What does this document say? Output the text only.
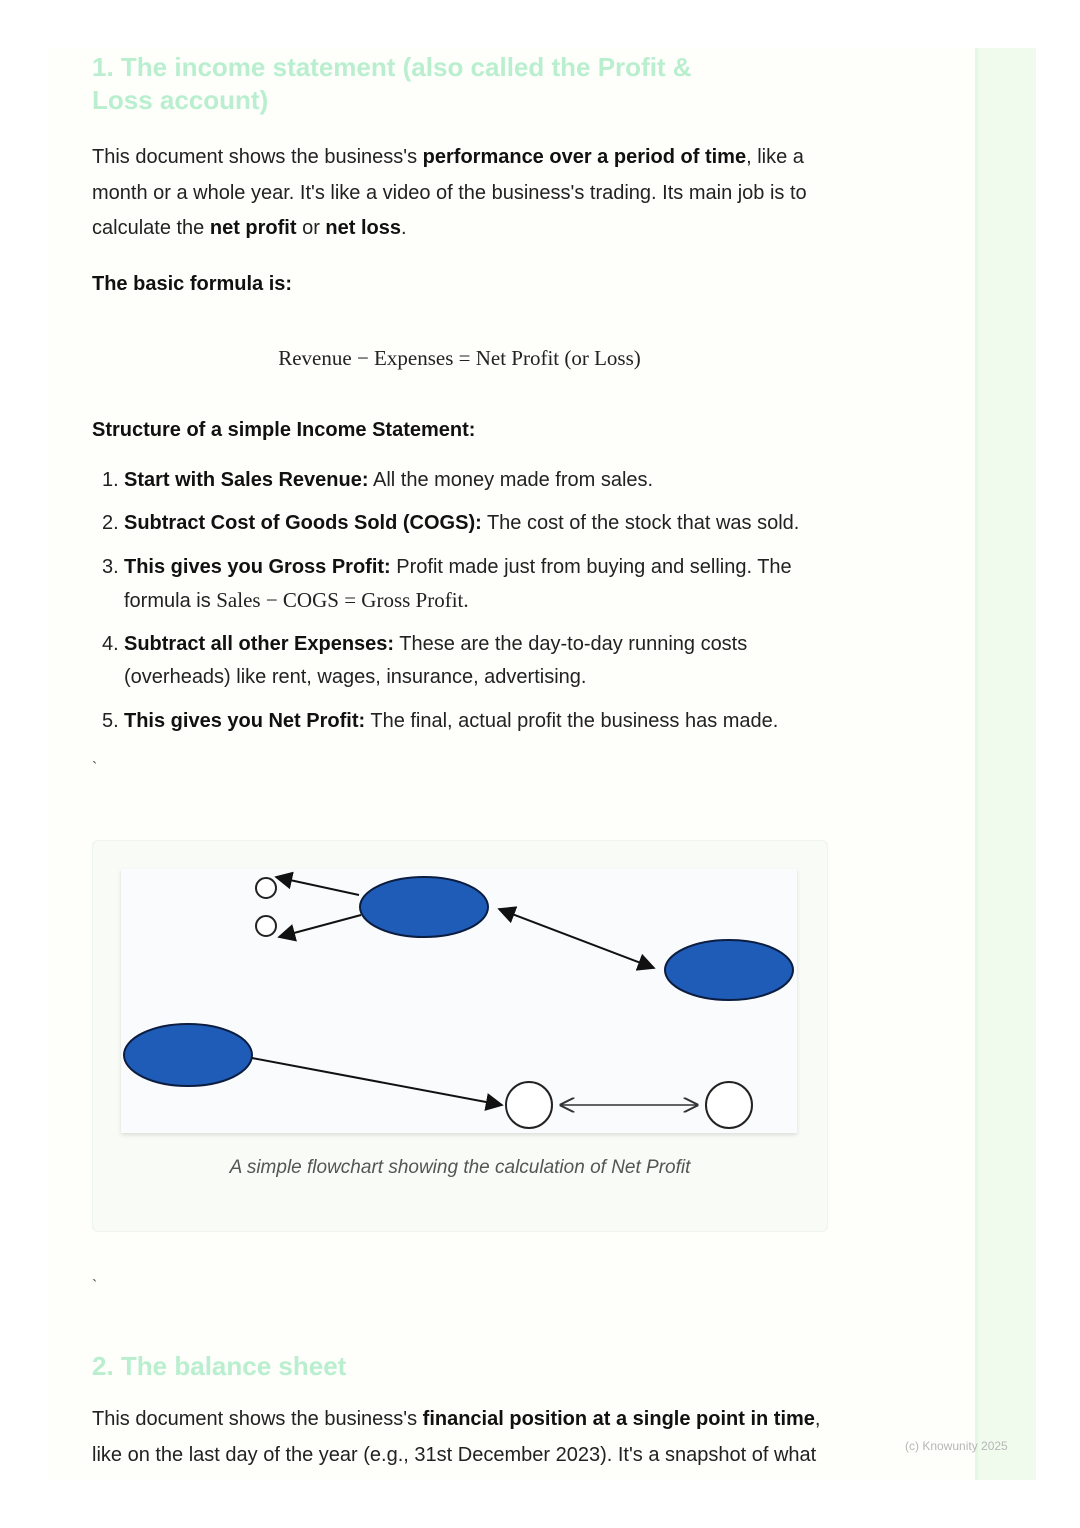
1. The income statement (also called the Profit & Loss account)

This document shows the business's performance over a period of time, like a month or a whole year. It's like a video of the business's trading. Its main job is to calculate the net profit or net loss.

The basic formula is:

Revenue − Expenses = Net Profit (or Loss)

Structure of a simple Income Statement:

1. Start with Sales Revenue: All the money made from sales.
2. Subtract Cost of Goods Sold (COGS): The cost of the stock that was sold.
3. This gives you Gross Profit: Profit made just from buying and selling. The formula is Sales − COGS = Gross Profit.
4. Subtract all other Expenses: These are the day-to-day running costs (overheads) like rent, wages, insurance, advertising.
5. This gives you Net Profit: The final, actual profit the business has made.
`
A simple flowchart showing the calculation of Net Profit
`
2. The balance sheet

This document shows the business's financial position at a single point in time, like on the last day of the year (e.g., 31st December 2023). It's a snapshot of what	(c) Knowunity 2025
